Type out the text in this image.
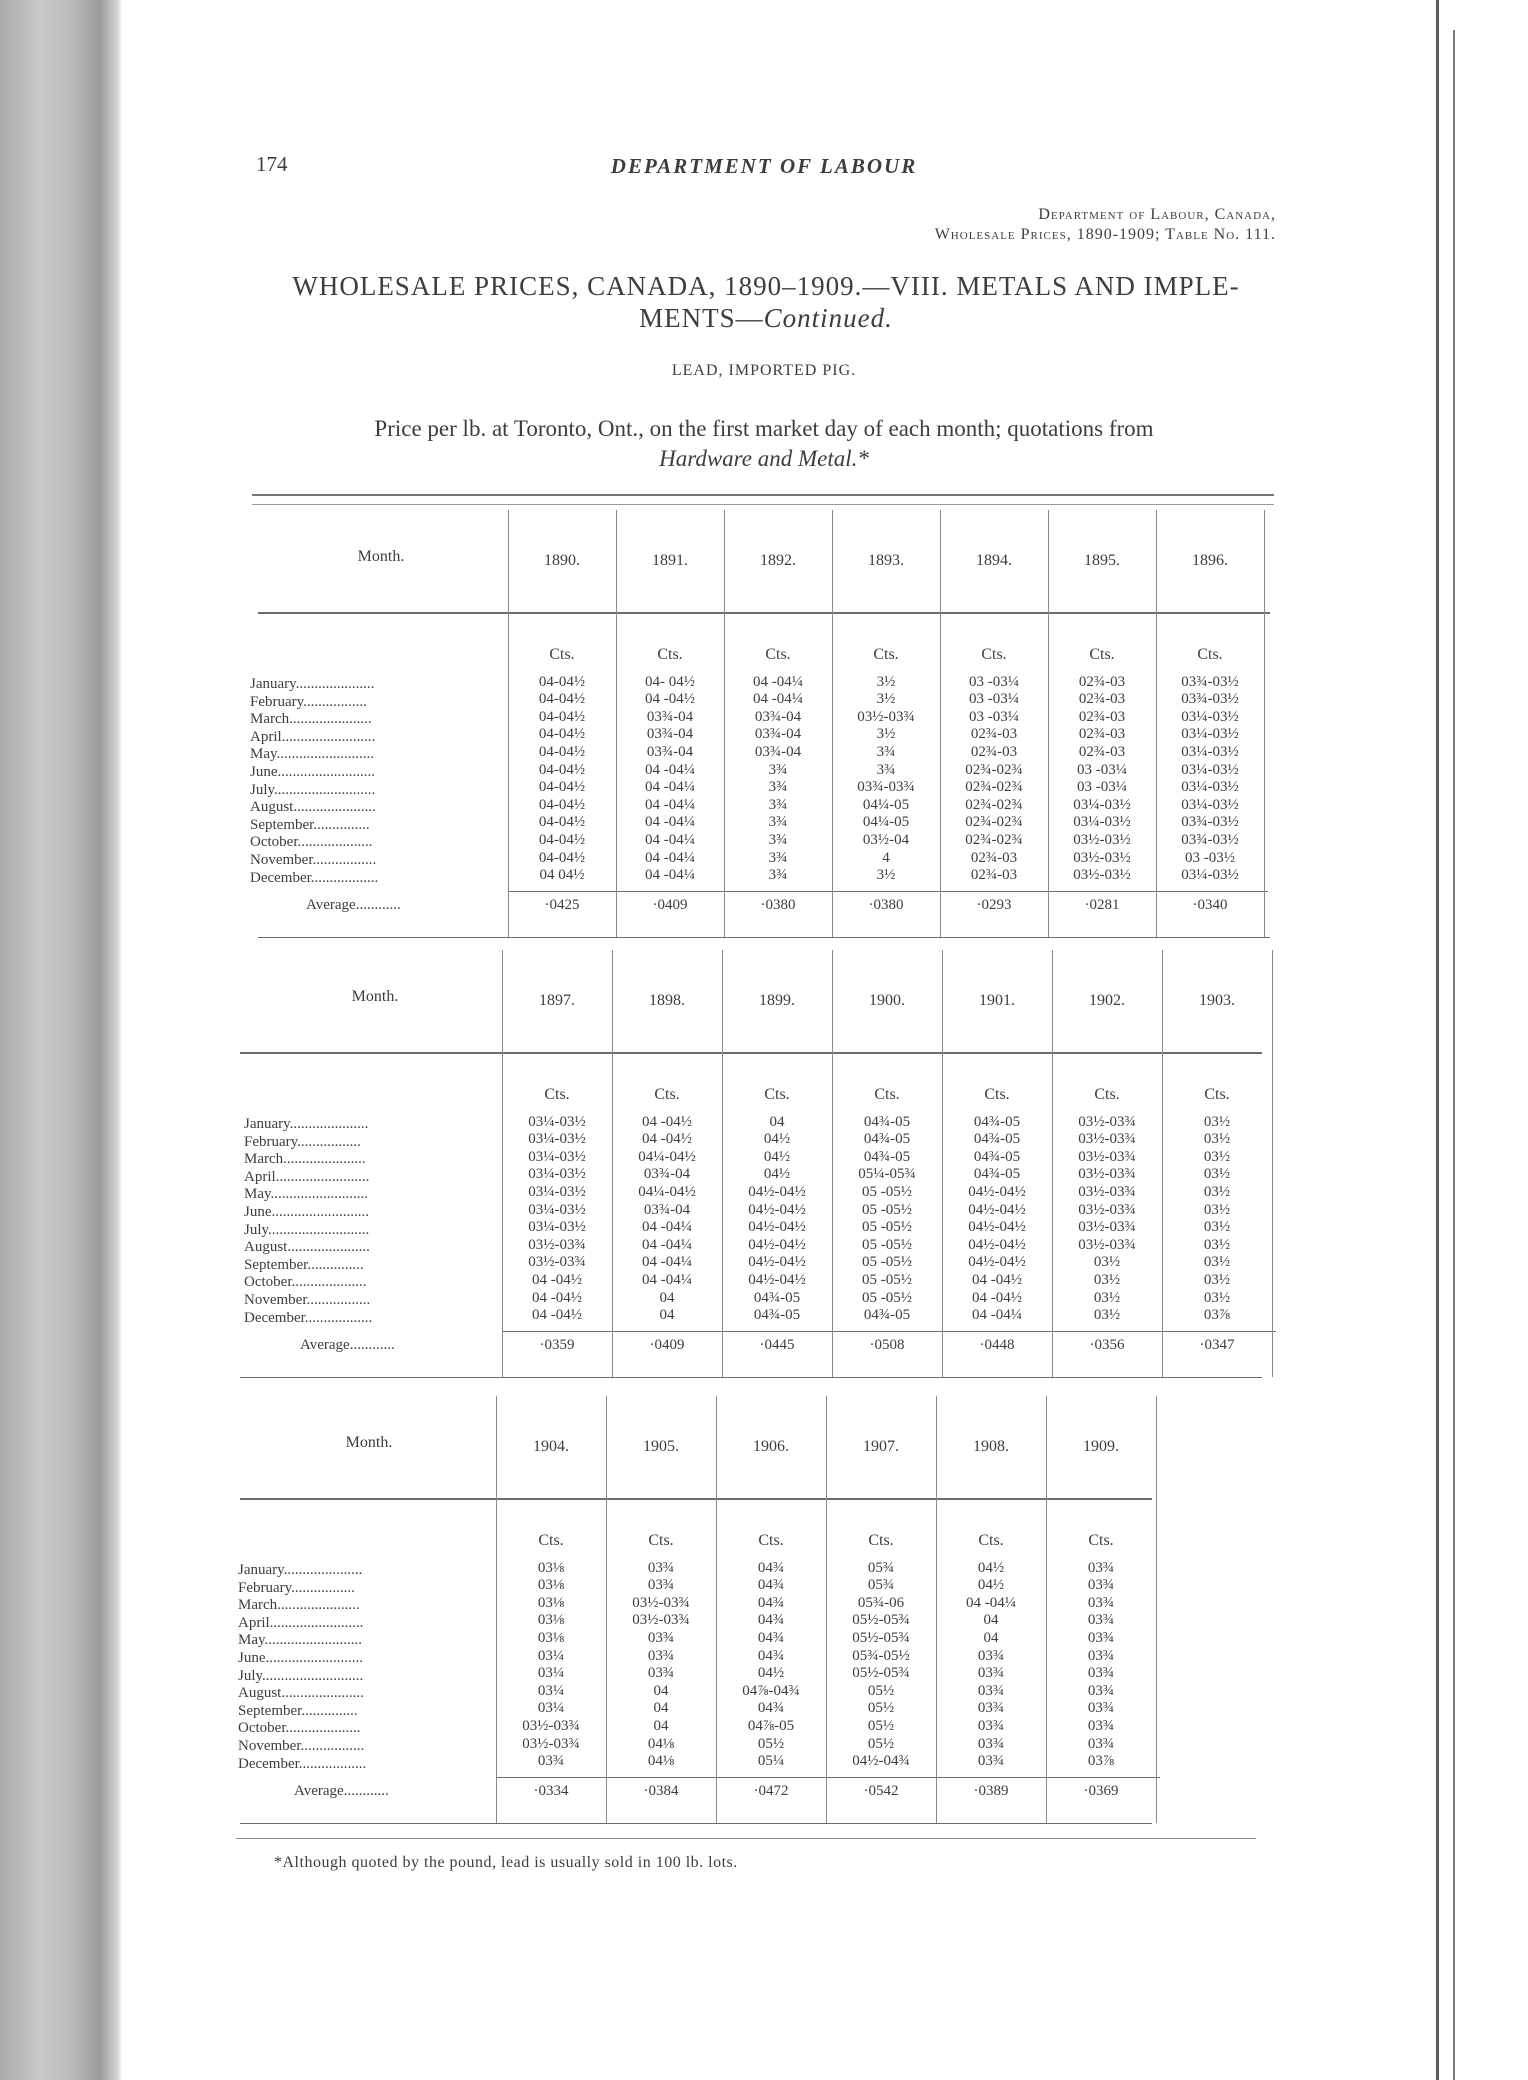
174	DEPARTMENT OF LABOUR
Department of Labour, Canada,
Wholesale Prices, 1890-1909; Table No. 111.
WHOLESALE PRICES, CANADA, 1890–1909.—VIII. METALS AND IMPLE-
MENTS—Continued.
LEAD, IMPORTED PIG.
Price per lb. at Toronto, Ont., on the first market day of each month; quotations from
Hardware and Metal.*
Month.
January.....................
February.................
March......................
April.........................
May..........................
June..........................
July...........................
August......................
September...............
October....................
November.................
December..................
Average............
1890.
Cts.
04-04½
04-04½
04-04½
04-04½
04-04½
04-04½
04-04½
04-04½
04-04½
04-04½
04-04½
04 04½
·0425
1891.
Cts.
04- 04½
04 -04½
03¾-04
03¾-04
03¾-04
04 -04¼
04 -04¼
04 -04¼
04 -04¼
04 -04¼
04 -04¼
04 -04¼
·0409
1892.
Cts.
04 -04¼
04 -04¼
03¾-04
03¾-04
03¾-04
3¾
3¾
3¾
3¾
3¾
3¾
3¾
·0380
1893.
Cts.
3½
3½
03½-03¾
3½
3¾
3¾
03¾-03¾
04¼-05
04¼-05
03½-04
4
3½
·0380
1894.
Cts.
03 -03¼
03 -03¼
03 -03¼
02¾-03
02¾-03
02¾-02¾
02¾-02¾
02¾-02¾
02¾-02¾
02¾-02¾
02¾-03
02¾-03
·0293
1895.
Cts.
02¾-03
02¾-03
02¾-03
02¾-03
02¾-03
03 -03¼
03 -03¼
03¼-03½
03¼-03½
03½-03½
03½-03½
03½-03½
·0281
1896.
Cts.
03¾-03½
03¾-03½
03¼-03½
03¼-03½
03¼-03½
03¼-03½
03¼-03½
03¼-03½
03¾-03½
03¾-03½
03 -03½
03¼-03½
·0340
Month.
January.....................
February.................
March......................
April.........................
May..........................
June..........................
July...........................
August......................
September...............
October....................
November.................
December..................
Average............
1897.
Cts.
03¼-03½
03¼-03½
03¼-03½
03¼-03½
03¼-03½
03¼-03½
03¼-03½
03½-03¾
03½-03¾
04 -04½
04 -04½
04 -04½
·0359
1898.
Cts.
04 -04½
04 -04½
04¼-04½
03¾-04
04¼-04½
03¾-04
04 -04¼
04 -04¼
04 -04¼
04 -04¼
04
04
·0409
1899.
Cts.
04
04½
04½
04½
04½-04½
04½-04½
04½-04½
04½-04½
04½-04½
04½-04½
04¾-05
04¾-05
·0445
1900.
Cts.
04¾-05
04¾-05
04¾-05
05¼-05¾
05 -05½
05 -05½
05 -05½
05 -05½
05 -05½
05 -05½
05 -05½
04¾-05
·0508
1901.
Cts.
04¾-05
04¾-05
04¾-05
04¾-05
04½-04½
04½-04½
04½-04½
04½-04½
04½-04½
04 -04½
04 -04½
04 -04¼
·0448
1902.
Cts.
03½-03¾
03½-03¾
03½-03¾
03½-03¾
03½-03¾
03½-03¾
03½-03¾
03½-03¾
03½
03½
03½
03½
·0356
1903.
Cts.
03½
03½
03½
03½
03½
03½
03½
03½
03½
03½
03½
03⅞
·0347
Month.
January.....................
February.................
March......................
April.........................
May..........................
June..........................
July...........................
August......................
September...............
October....................
November.................
December..................
Average............
1904.
Cts.
03⅛
03⅛
03⅛
03⅛
03⅛
03¼
03¼
03¼
03¼
03½-03¾
03½-03¾
03¾
·0334
1905.
Cts.
03¾
03¾
03½-03¾
03½-03¾
03¾
03¾
03¾
04
04
04
04⅛
04⅛
·0384
1906.
Cts.
04¾
04¾
04¾
04¾
04¾
04¾
04½
04⅞-04¾
04¾
04⅞-05
05½
05¼
·0472
1907.
Cts.
05¾
05¾
05¾-06
05½-05¾
05½-05¾
05¾-05½
05½-05¾
05½
05½
05½
05½
04½-04¾
·0542
1908.
Cts.
04½
04½
04 -04¼
04
04
03¾
03¾
03¾
03¾
03¾
03¾
03¾
·0389
1909.
Cts.
03¾
03¾
03¾
03¾
03¾
03¾
03¾
03¾
03¾
03¾
03¾
03⅞
·0369
*Although quoted by the pound, lead is usually sold in 100 lb. lots.
